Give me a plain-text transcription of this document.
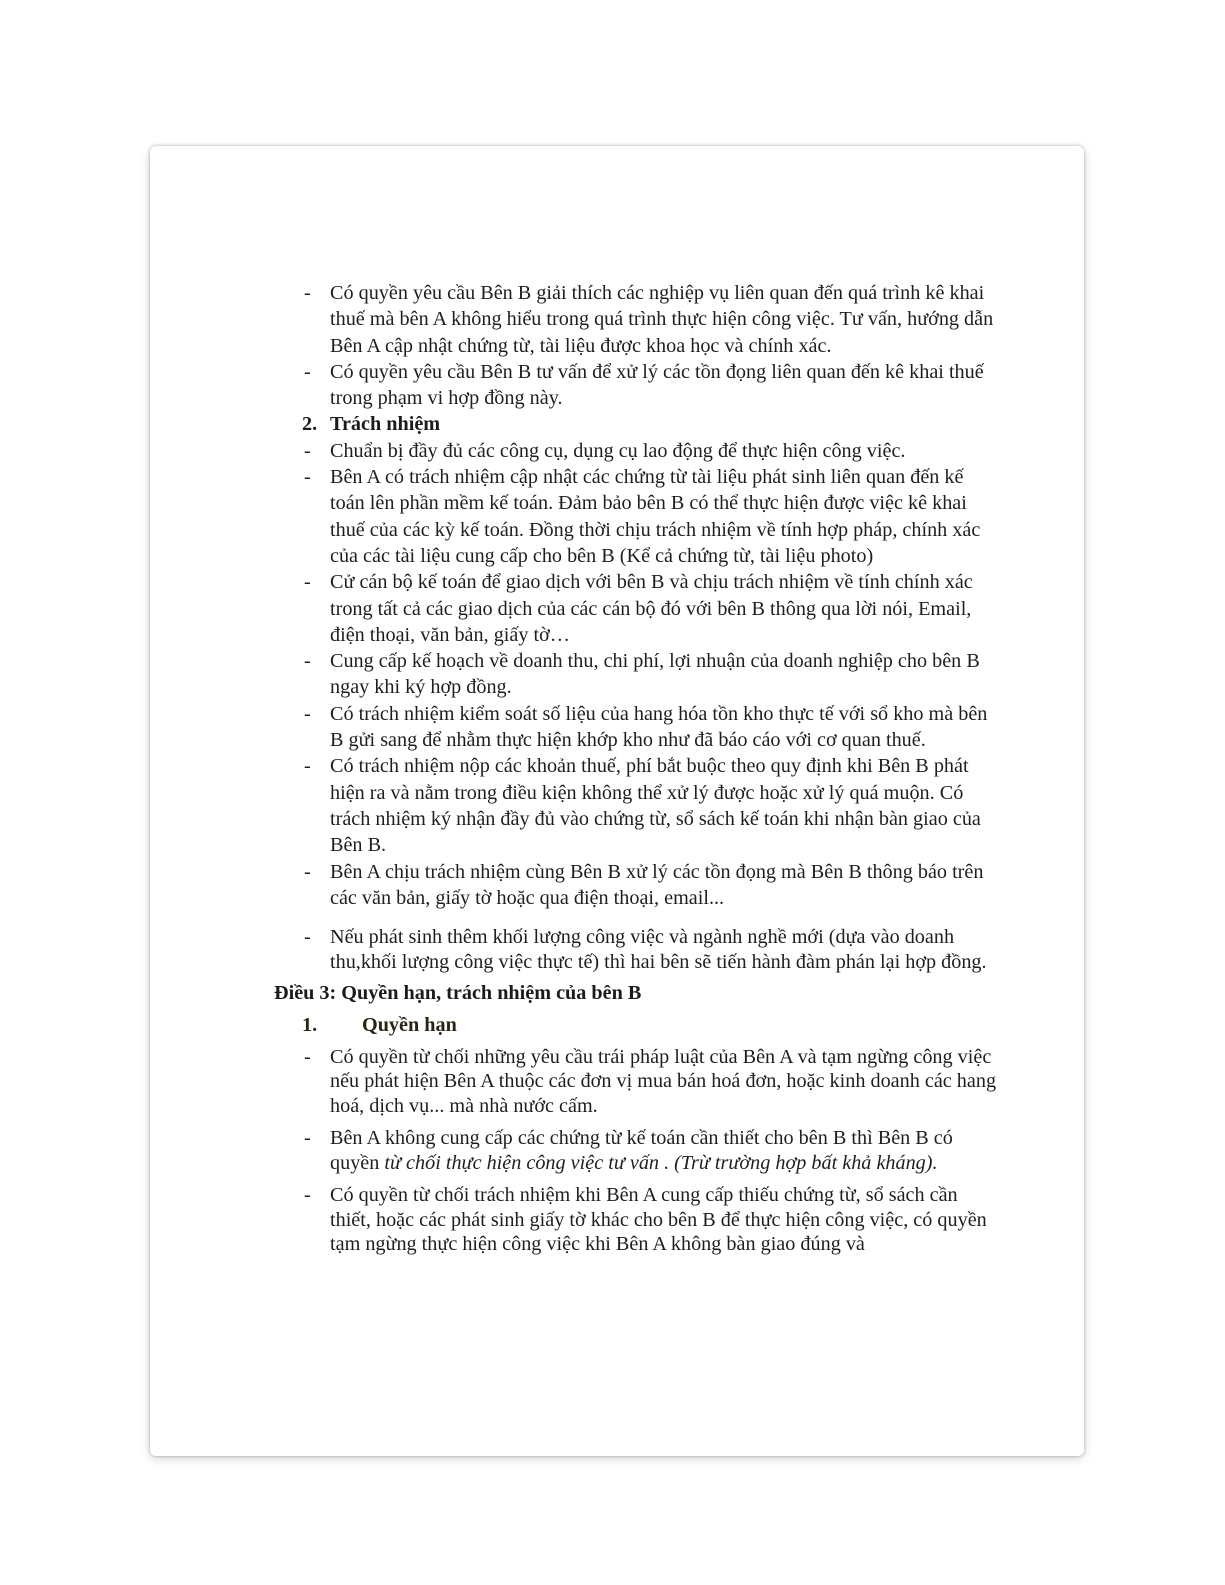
- Có quyền yêu cầu Bên B giải thích các nghiệp vụ liên quan đến quá trình kê khai thuế mà bên A không hiểu trong quá trình thực hiện công việc. Tư vấn, hướng dẫn Bên A cập nhật chứng từ, tài liệu được khoa học và chính xác.
- Có quyền yêu cầu Bên B tư vấn để xử lý các tồn đọng liên quan đến kê khai thuế trong phạm vi hợp đồng này.
2. Trách nhiệm
- Chuẩn bị đầy đủ các công cụ, dụng cụ lao động để thực hiện công việc.
- Bên A có trách nhiệm cập nhật các chứng từ tài liệu phát sinh liên quan đến kế toán lên phần mềm kế toán. Đảm bảo bên B có thể thực hiện được việc kê khai thuế của các kỳ kế toán. Đồng thời chịu trách nhiệm về tính hợp pháp, chính xác của các tài liệu cung cấp cho bên B (Kể cả chứng từ, tài liệu photo)
- Cử cán bộ kế toán để giao dịch với bên B và chịu trách nhiệm về tính chính xác trong tất cả các giao dịch của các cán bộ đó với bên B thông qua lời nói, Email, điện thoại, văn bản, giấy tờ…
- Cung cấp kế hoạch về doanh thu, chi phí, lợi nhuận của doanh nghiệp cho bên B ngay khi ký hợp đồng.
- Có trách nhiệm kiểm soát số liệu của hang hóa tồn kho thực tế với sổ kho mà bên B gửi sang để nhằm thực hiện khớp kho như đã báo cáo với cơ quan thuế.
- Có trách nhiệm nộp các khoản thuế, phí bắt buộc theo quy định khi Bên B phát hiện ra và nằm trong điều kiện không thể xử lý được hoặc xử lý quá muộn. Có trách nhiệm ký nhận đầy đủ vào chứng từ, sổ sách kế toán khi nhận bàn giao của Bên B.
- Bên A chịu trách nhiệm cùng Bên B xử lý các tồn đọng mà Bên B thông báo trên các văn bản, giấy tờ hoặc qua điện thoại, email...
- Nếu phát sinh thêm khối lượng công việc và ngành nghề mới (dựa vào doanh thu,khối lượng công việc thực tế) thì hai bên sẽ tiến hành đàm phán lại hợp đồng.
Điều 3: Quyền hạn, trách nhiệm của bên B
1. Quyền hạn
- Có quyền từ chối những yêu cầu trái pháp luật của Bên A và tạm ngừng công việc nếu phát hiện Bên A thuộc các đơn vị mua bán hoá đơn, hoặc kinh doanh các hang hoá, dịch vụ... mà nhà nước cấm.
- Bên A không cung cấp các chứng từ kế toán cần thiết cho bên B thì Bên B có quyền từ chối thực hiện công việc tư vấn . (Trừ trường hợp bất khả kháng).
- Có quyền từ chối trách nhiệm khi Bên A cung cấp thiếu chứng từ, sổ sách cần thiết, hoặc các phát sinh giấy tờ khác cho bên B để thực hiện công việc, có quyền tạm ngừng thực hiện công việc khi Bên A không bàn giao đúng và
